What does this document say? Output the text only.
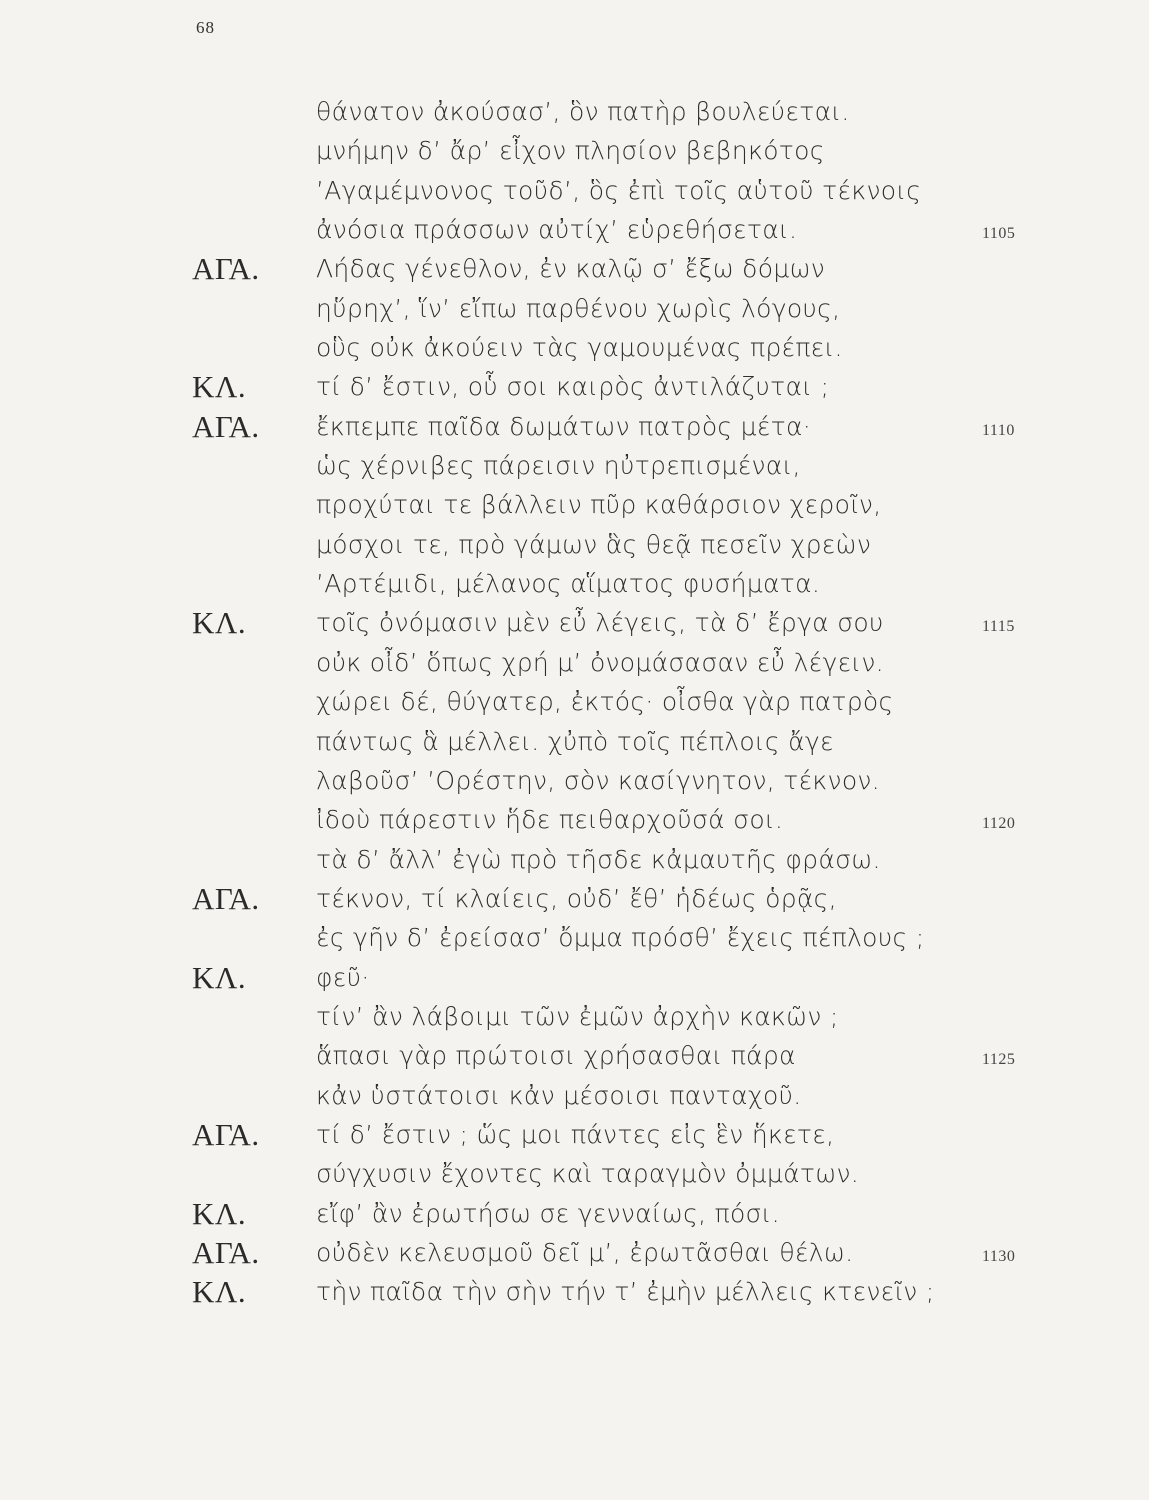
68
θάνατον ἀκούσασ’, ὃν πατὴρ βουλεύεται.
μνήμην δ’ ἄρ’ εἶχον πλησίον βεβηκότος
’Αγαμέμνονος τοῦδ’, ὃς ἐπὶ τοῖς αὑτοῦ τέκνοις
ἀνόσια πράσσων αὐτίχ’ εὑρεθήσεται.	1105
ΑΓΑ. Λήδας γένεθλον, ἐν καλῷ σ’ ἔξω δόμων
ηὕρηχ’, ἵν’ εἴπω παρθένου χωρὶς λόγους,
οὓς οὐκ ἀκούειν τὰς γαμουμένας πρέπει.
ΚΛ.	τί δ’ ἔστιν, οὗ σοι καιρὸς ἀντιλάζυται ;
ΑΓΑ. ἔκπεμπε παῖδα δωμάτων πατρὸς μέτα·	1110
ὡς χέρνιβες πάρεισιν ηὐτρεπισμέναι,
προχύται τε βάλλειν πῦρ καθάρσιον χεροῖν,
μόσχοι τε, πρὸ γάμων ἃς θεᾷ πεσεῖν χρεὼν
’Αρτέμιδι, μέλανος αἵματος φυσήματα.
ΚΛ.	τοῖς ὀνόμασιν μὲν εὖ λέγεις, τὰ δ’ ἔργα σου	1115
οὐκ οἶδ’ ὅπως χρή μ’ ὀνομάσασαν εὖ λέγειν.
χώρει δέ, θύγατερ, ἐκτός· οἶσθα γὰρ πατρὸς
πάντως ἃ μέλλει. χὐπὸ τοῖς πέπλοις ἄγε
λαβοῦσ’ ’Ορέστην, σὸν κασίγνητον, τέκνον.
ἰδοὺ πάρεστιν ἥδε πειθαρχοῦσά σοι.	1120
τὰ δ’ ἄλλ’ ἐγὼ πρὸ τῆσδε κἀμαυτῆς φράσω.
ΑΓΑ. τέκνον, τί κλαίεις, οὐδ’ ἔθ’ ἡδέως ὁρᾷς,
ἐς γῆν δ’ ἐρείσασ’ ὄμμα πρόσθ’ ἔχεις πέπλους ;
ΚΛ.	φεῦ·
τίν’ ἂν λάβοιμι τῶν ἐμῶν ἀρχὴν κακῶν ;
ἅπασι γὰρ πρώτοισι χρήσασθαι πάρα	1125
κἀν ὑστάτοισι κἀν μέσοισι πανταχοῦ.
ΑΓΑ. τί δ’ ἔστιν ; ὥς μοι πάντες εἰς ἓν ἥκετε,
σύγχυσιν ἔχοντες καὶ ταραγμὸν ὀμμάτων.
ΚΛ.	εἴφ’ ἂν ἐρωτήσω σε γενναίως, πόσι.
ΑΓΑ. οὐδὲν κελευσμοῦ δεῖ μ’, ἐρωτᾶσθαι θέλω.	1130
ΚΛ.	τὴν παῖδα τὴν σὴν τήν τ’ ἐμὴν μέλλεις κτενεῖν ;
